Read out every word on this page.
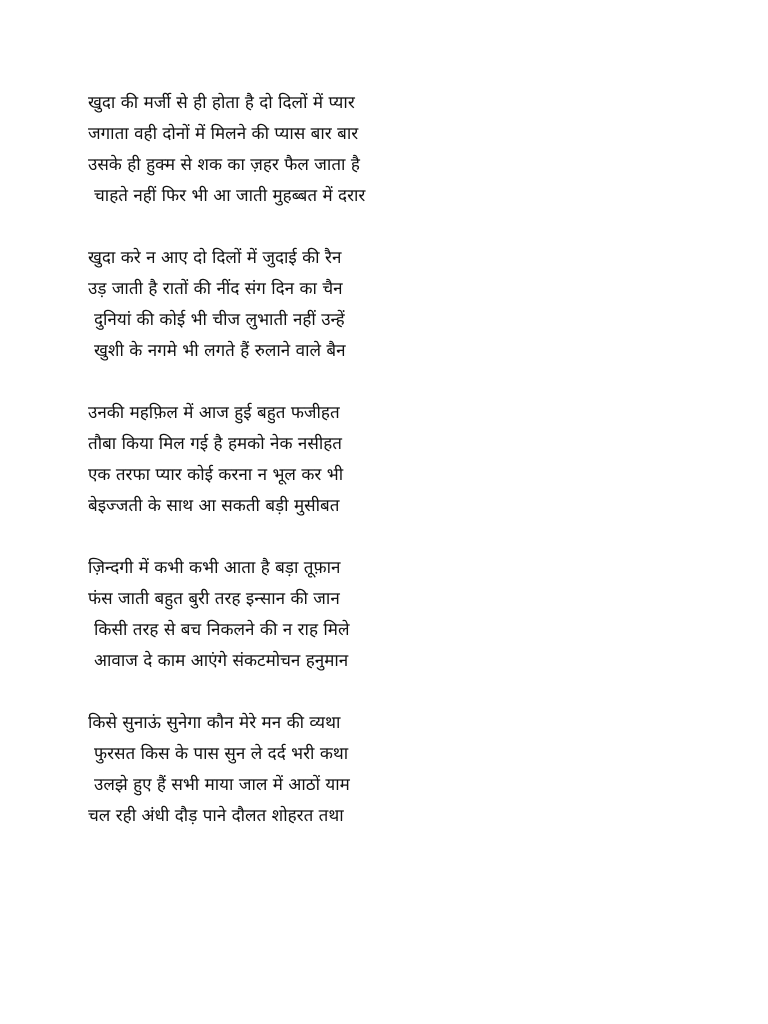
खुदा की मर्जी से ही होता है दो दिलों में प्यार
जगाता वही दोनों में मिलने की प्यास बार बार
उसके ही हुक्म से शक का ज़हर फैल जाता है
चाहते नहीं फिर भी आ जाती मुहब्बत में दरार
खुदा करे न आए दो दिलों में जुदाई की रैन
उड़ जाती है रातों की नींद संग दिन का चैन
दुनियां की कोई भी चीज लुभाती नहीं उन्हें
खुशी के नगमे भी लगते हैं रुलाने वाले बैन
उनकी महफ़िल में आज हुई बहुत फजीहत
तौबा किया मिल गई है हमको नेक नसीहत
एक तरफा प्यार कोई करना न भूल कर भी
बेइज्जती के साथ आ सकती बड़ी मुसीबत
ज़िन्दगी में कभी कभी आता है बड़ा तूफ़ान
फंस जाती बहुत बुरी तरह इन्सान की जान
किसी तरह से बच निकलने की न राह मिले
आवाज दे काम आएंगे संकटमोचन हनुमान
किसे सुनाऊं सुनेगा कौन मेरे मन की व्यथा
फुरसत किस के पास सुन ले दर्द भरी कथा
उलझे हुए हैं सभी माया जाल में आठों याम
चल रही अंधी दौड़ पाने दौलत शोहरत तथा
